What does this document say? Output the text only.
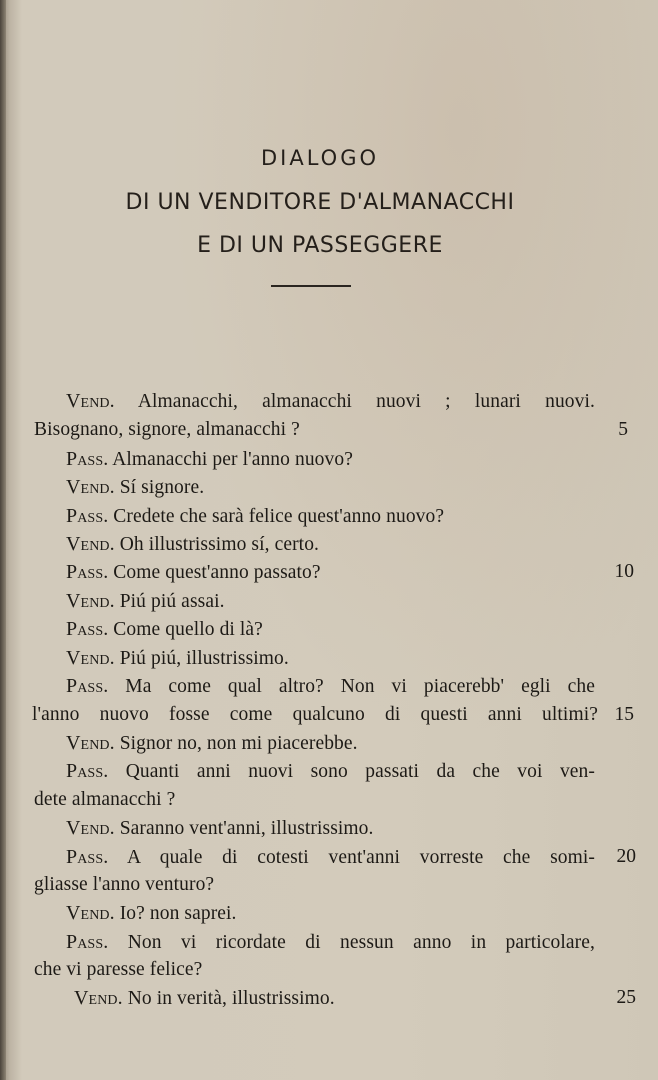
DIALOGO
DI UN VENDITORE D'ALMANACCHI
E DI UN PASSEGGERE
Vend. Almanacchi, almanacchi nuovi ; lunari nuovi.
Bisognano, signore, almanacchi ?	5
Pass. Almanacchi per l'anno nuovo?
Vend. Sí signore.
Pass. Credete che sarà felice quest'anno nuovo?
Vend. Oh illustrissimo sí, certo.
Pass. Come quest'anno passato?	10
Vend. Piú piú assai.
Pass. Come quello di là?
Vend. Piú piú, illustrissimo.
Pass. Ma come qual altro? Non vi piacerebb' egli che
l'anno nuovo fosse come qualcuno di questi anni ultimi? 15
Vend. Signor no, non mi piacerebbe.
Pass. Quanti anni nuovi sono passati da che voi ven-
dete almanacchi ?
Vend. Saranno vent'anni, illustrissimo.
Pass. A quale di cotesti vent'anni vorreste che somi-	20
gliasse l'anno venturo?
Vend. Io? non saprei.
Pass. Non vi ricordate di nessun anno in particolare,
che vi paresse felice?
Vend. No in verità, illustrissimo.	25
